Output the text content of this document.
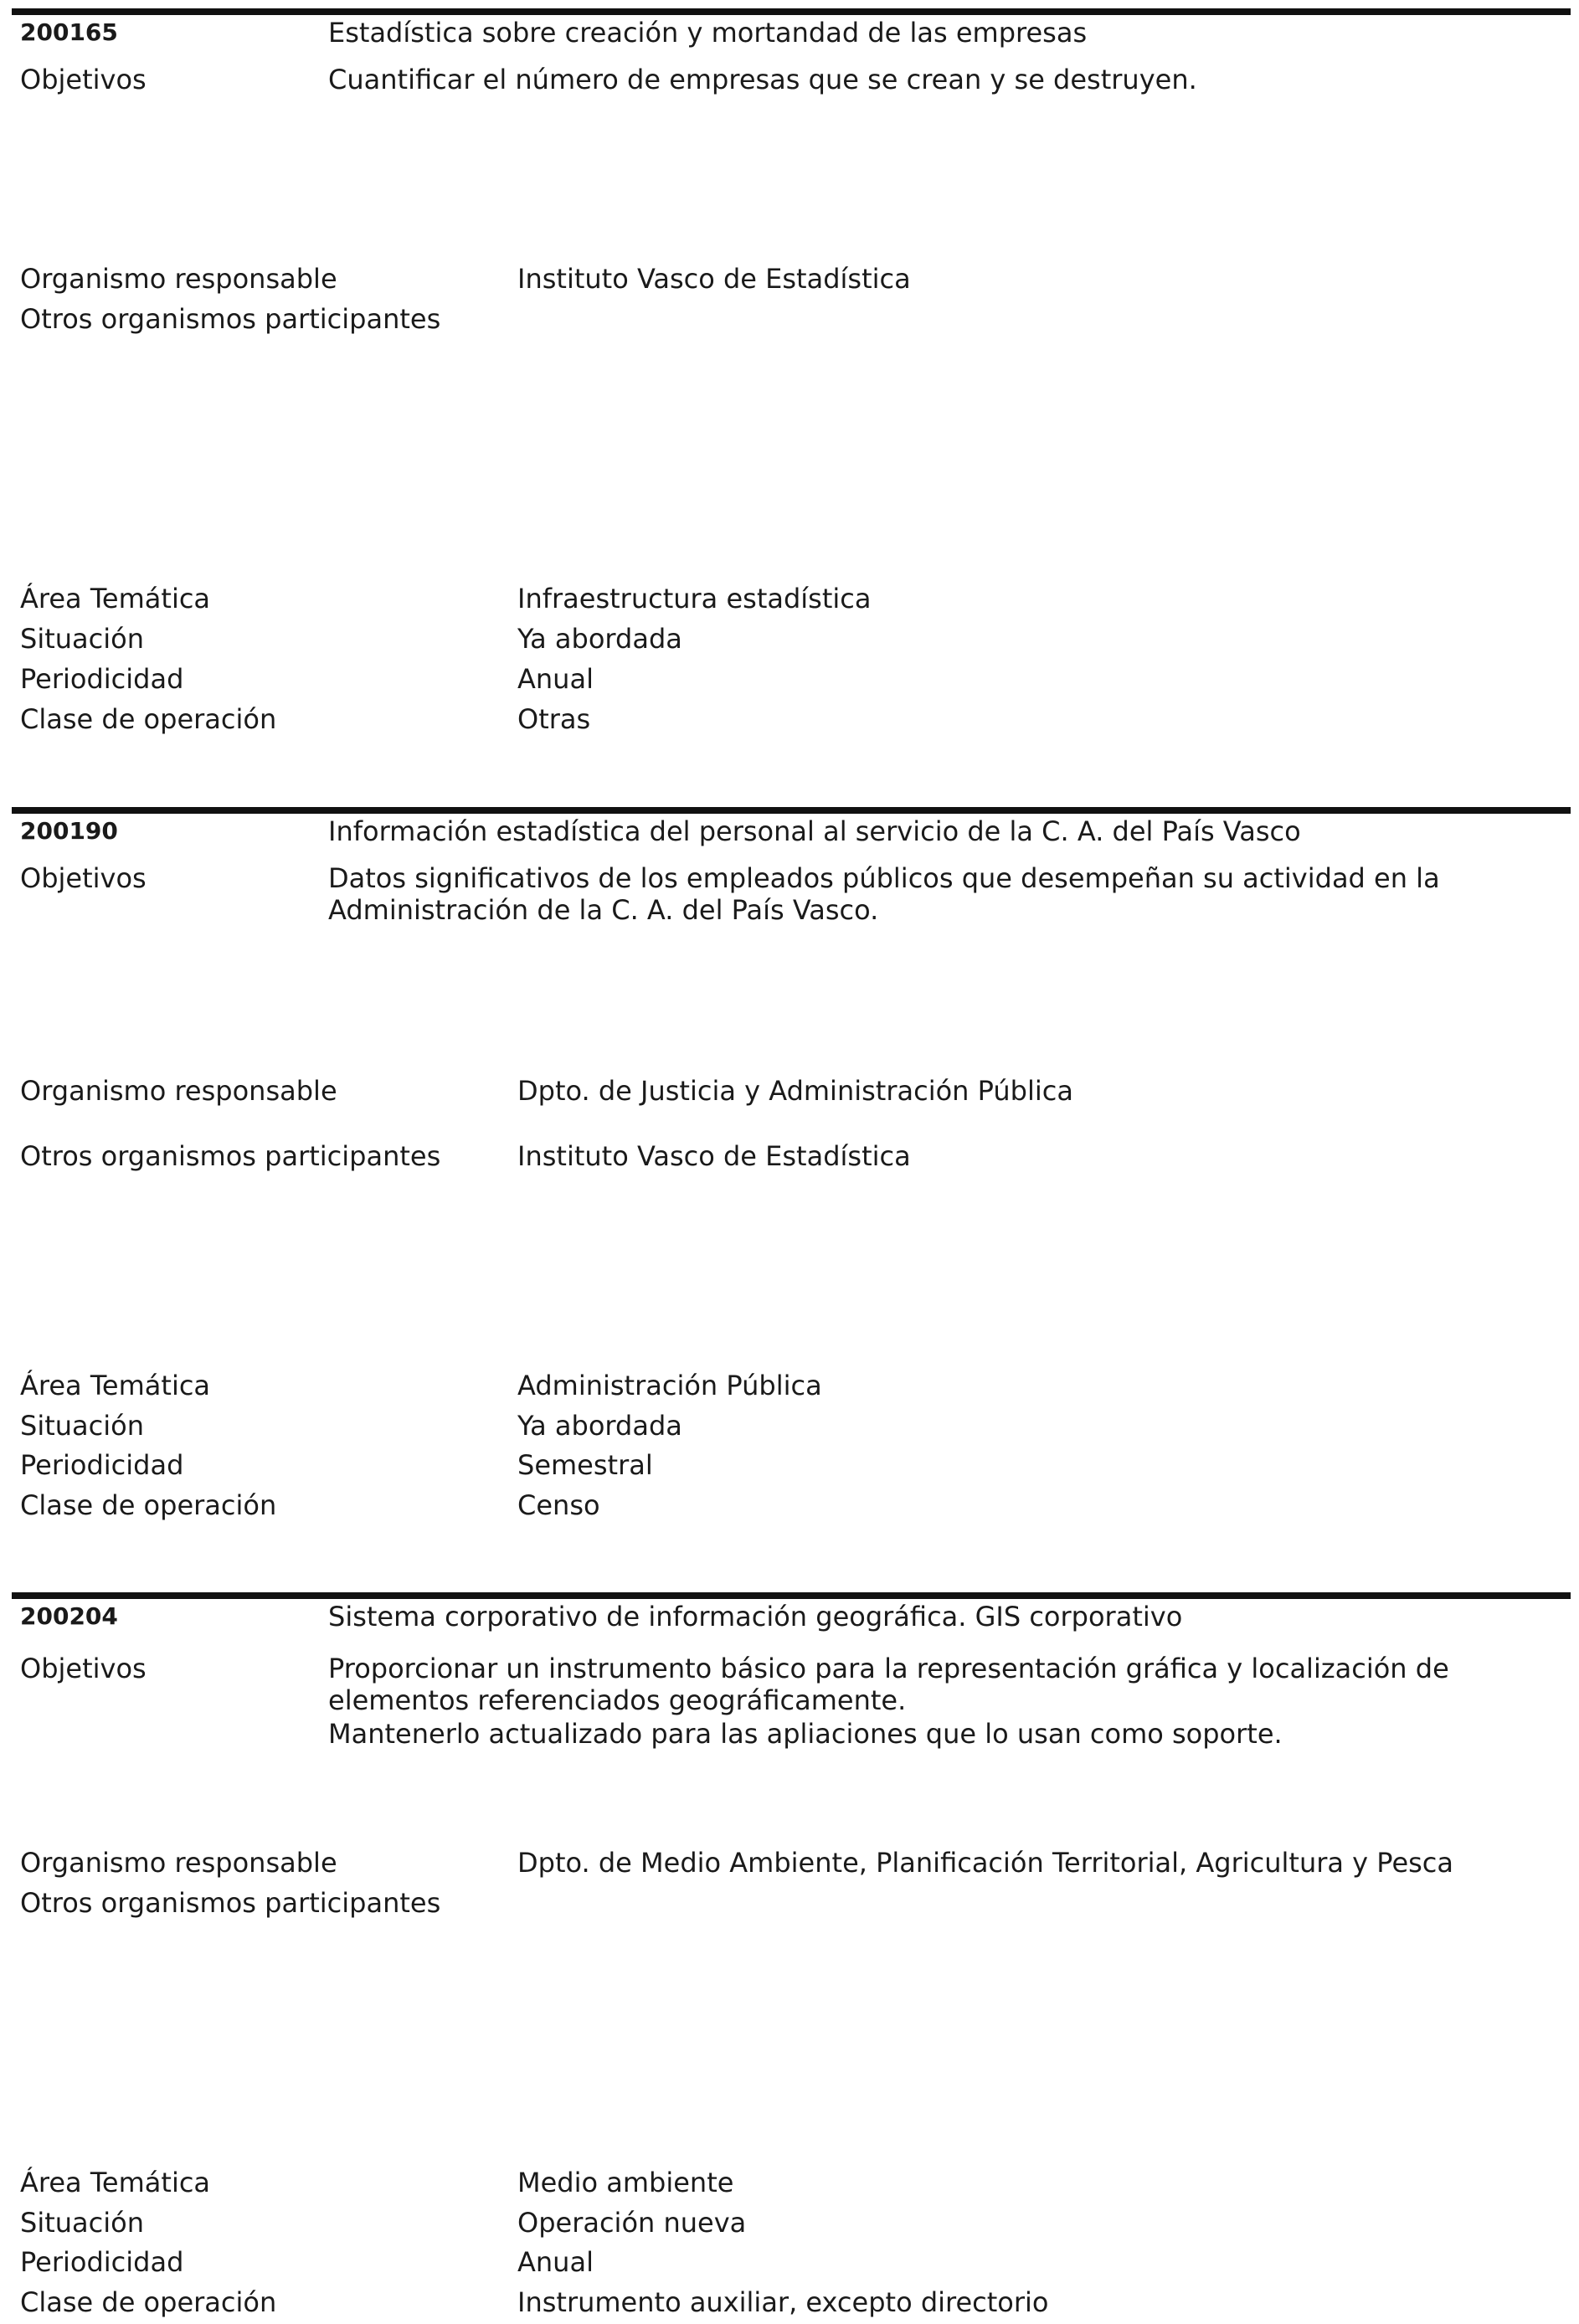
200165	Estadística sobre creación y mortandad de las empresas
Objetivos	Cuantificar el número de empresas que se crean y se destruyen.
Organismo responsable	Instituto Vasco de Estadística
Otros organismos participantes
Área Temática	Infraestructura estadística
Situación	Ya abordada
Periodicidad	Anual
Clase de operación	Otras
200190	Información estadística del personal al servicio de la C. A. del País Vasco
Objetivos	Datos significativos de los empleados públicos que desempeñan su actividad en la
Administración de la C. A. del País Vasco.
Organismo responsable	Dpto. de Justicia y Administración Pública
Otros organismos participantes	Instituto Vasco de Estadística
Área Temática	Administración Pública
Situación	Ya abordada
Periodicidad	Semestral
Clase de operación	Censo
200204	Sistema corporativo de información geográfica. GIS corporativo
Objetivos	Proporcionar un instrumento básico para la representación gráfica y localización de
elementos referenciados geográficamente.
Mantenerlo actualizado para las apliaciones que lo usan como soporte.
Organismo responsable	Dpto. de Medio Ambiente, Planificación Territorial, Agricultura y Pesca
Otros organismos participantes
Área Temática	Medio ambiente
Situación	Operación nueva
Periodicidad	Anual
Clase de operación	Instrumento auxiliar, excepto directorio
